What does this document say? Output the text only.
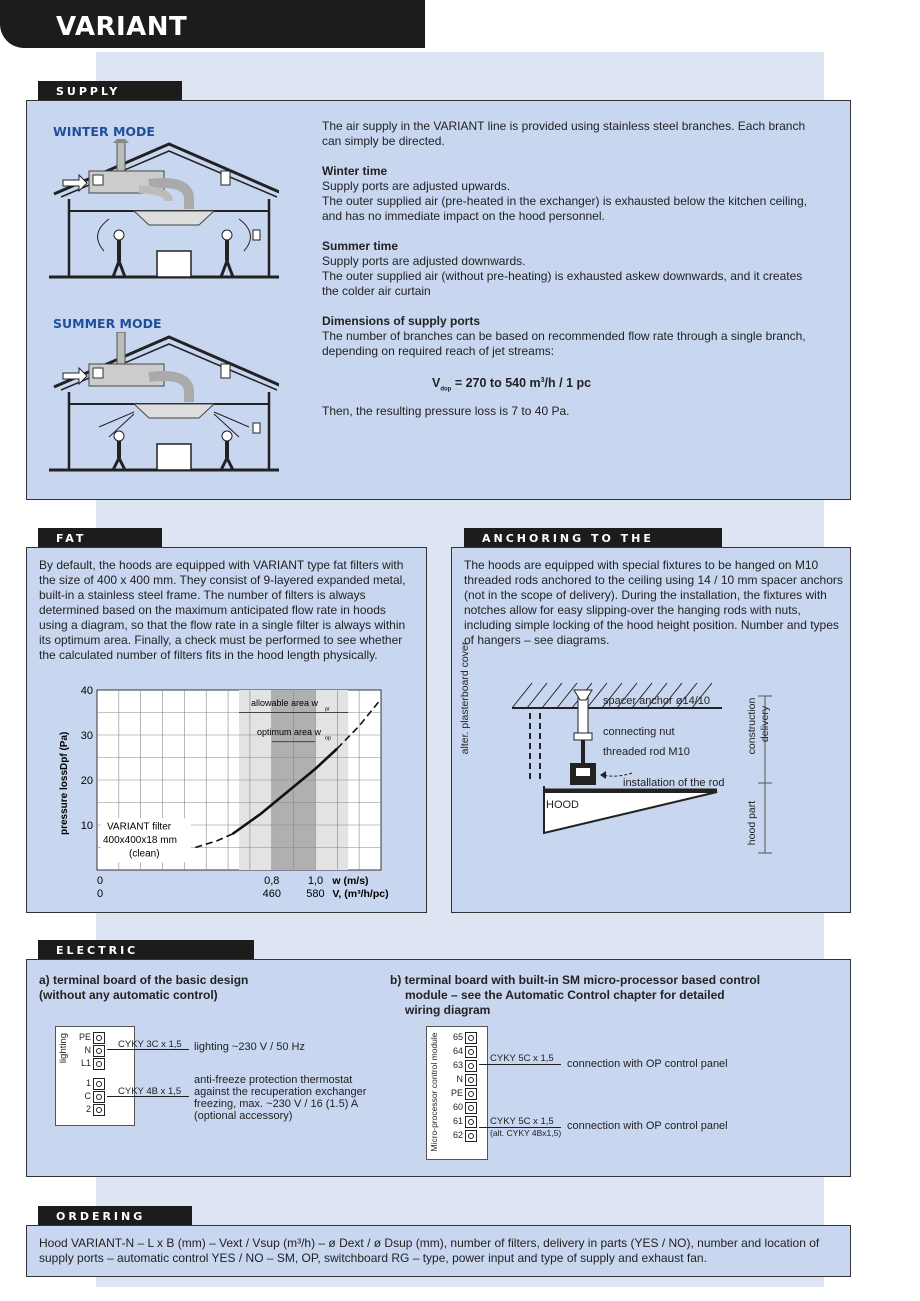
VARIANT
SUPPLY
WINTER MODE
SUMMER MODE
The air supply in the VARIANT line is provided using stainless steel branches. Each branch can simply be directed.
Winter time
Supply ports are adjusted upwards.
The outer supplied air (pre-heated in the exchanger) is exhausted below the kitchen ceiling, and has no immediate impact on the hood personnel.
Summer time
Supply ports are adjusted downwards.
The outer supplied air (without pre-heating) is exhausted askew downwards, and it creates the colder air curtain
Dimensions of supply ports
The number of branches can be based on recommended flow rate through a single branch, depending on required reach of jet streams:
$V_{dop} = 270$ to 540 $m^3/h / 1$ pc
Then, the resulting pressure loss is 7 to 40 Pa.
FAT
By default, the hoods are equipped with VARIANT type fat filters with the size of 400 x 400 mm. They consist of 9-layered expanded metal, built-in a stainless steel frame. The number of filters is always determined based on the maximum anticipated flow rate in hoods using a diagram, so that the flow rate in a single filter is always within its optimum area. Finally, a check must be performed to see whether the calculated number of filters fits in the hood length physically.
10
20
30
40
pressure lossDpf (Pa)
0	0,8	1,0
0	460 580
w (m/s)
V, (m³/h/pc)
allowable area w
pr
optimum area w
op
VARIANT filter
400x400x18 mm
(clean)
ANCHORING TO THE
The hoods are equipped with special fixtures to be hanged on M10 threaded rods anchored to the ceiling using 14 / 10 mm spacer anchors (not in the scope of delivery). During the installation, the fixtures with notches allow for easy slipping-over the hanging rods with nuts, including simple locking of the hood height position. Number and types of hangers – see diagrams.
spacer anchor ø14/10
connecting nut
threaded rod M10
installation of the rod
HOOD
alter. plasterboard cover	construction delivery
hood part
ELECTRIC
a) terminal board of the basic design
(without any automatic control)
b) terminal board with built-in SM micro-processor based control
module – see the Automatic Control chapter for detailed
wiring diagram
lighting	CYKY 3C x 1,5 lighting ~230 V / 50 Hz
CYKY 4B x 1,5
anti-freeze protection thermostat
against the recuperation exchanger
freezing, max. ~230 V / 16 (1.5) A
(optional accessory)	Micro-processor control module	CYKY 5C x 1,5 connection with OP control panel
CYKY 5C x 1,5
(alt. CYKY 4Bx1,5)
connection with OP control panel
PE
N
L1
1
C
2
65
64
63
N
PE
60
61
62
ORDERING
Hood VARIANT-N – L x B (mm) – Vext / Vsup (m³/h) – ø Dext / ø Dsup (mm), number of filters, delivery in parts (YES / NO), number and location of
supply ports – automatic control YES / NO – SM, OP, switchboard RG – type, power input and type of supply and exhaust fan.
